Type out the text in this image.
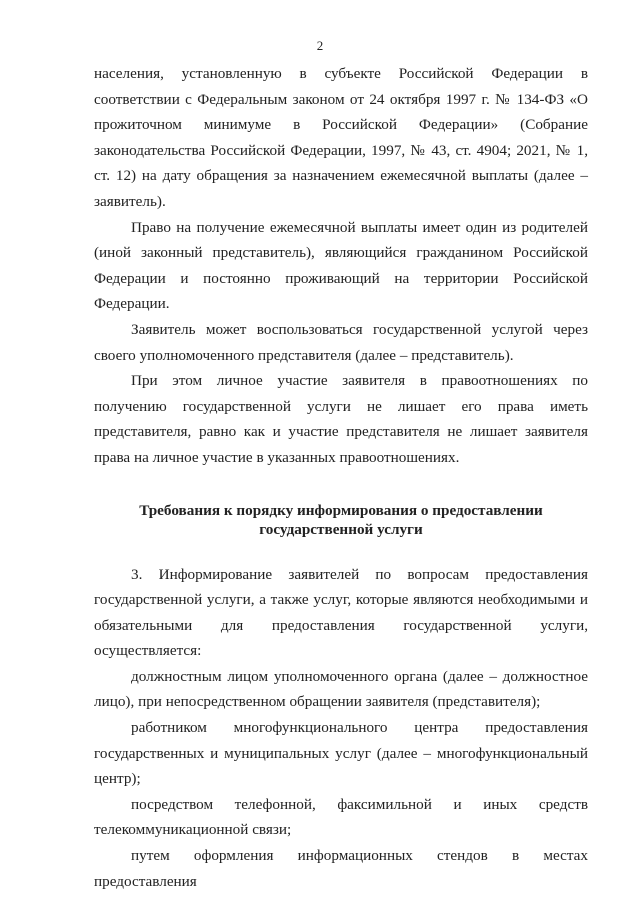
2

населения, установленную в субъекте Российской Федерации в соответствии с Федеральным законом от 24 октября 1997 г. № 134-ФЗ «О прожиточном минимуме в Российской Федерации» (Собрание законодательства Российской Федерации, 1997, № 43, ст. 4904; 2021, № 1, ст. 12) на дату обращения за назначением ежемесячной выплаты (далее – заявитель).

Право на получение ежемесячной выплаты имеет один из родителей (иной законный представитель), являющийся гражданином Российской Федерации и постоянно проживающий на территории Российской Федерации.

Заявитель может воспользоваться государственной услугой через своего уполномоченного представителя (далее – представитель).

При этом личное участие заявителя в правоотношениях по получению государственной услуги не лишает его права иметь представителя, равно как и участие представителя не лишает заявителя права на личное участие в указанных правоотношениях.

Требования к порядку информирования о предоставлении
государственной услуги

3. Информирование заявителей по вопросам предоставления государственной услуги, а также услуг, которые являются необходимыми и обязательными для предоставления государственной услуги, осуществляется:

должностным лицом уполномоченного органа (далее – должностное лицо), при непосредственном обращении заявителя (представителя);

работником многофункционального центра предоставления государственных и муниципальных услуг (далее – многофункциональный центр);

посредством телефонной, факсимильной и иных средств телекоммуникационной связи;

путем оформления информационных стендов в местах предоставления
